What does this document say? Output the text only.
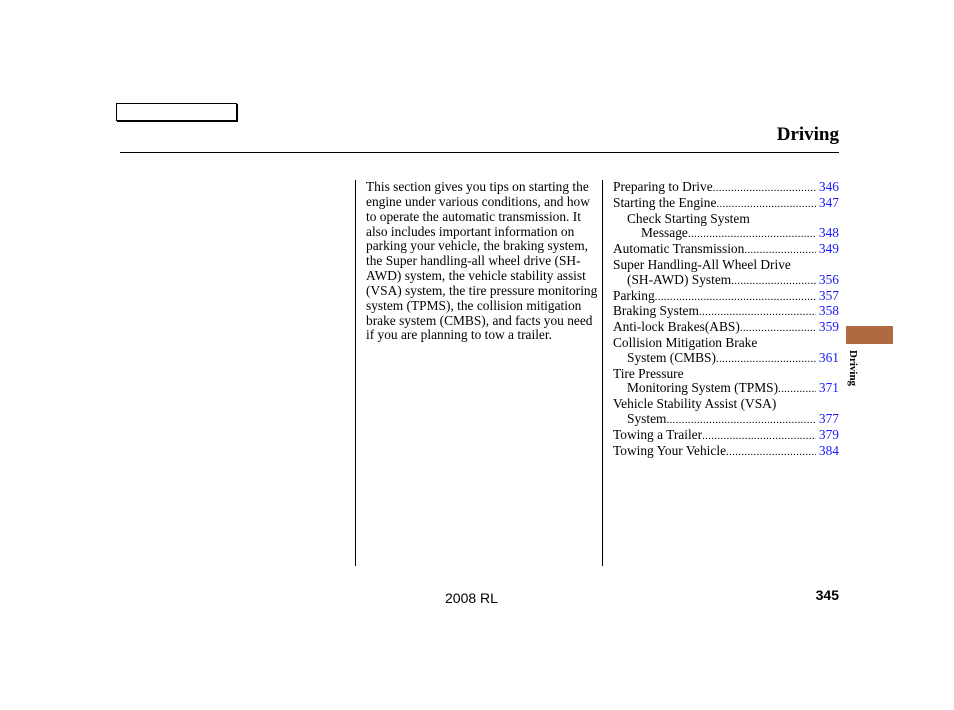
Driving
This section gives you tips on starting the engine under various conditions, and how to operate the automatic transmission. It also includes important information on parking your vehicle, the braking system, the Super handling-all wheel drive (SH-AWD) system, the vehicle stability assist (VSA) system, the tire pressure monitoring system (TPMS), the collision mitigation brake system (CMBS), and facts you need if you are planning to tow a trailer.
Preparing to Drive .....	346
Starting the Engine .....	347
Check Starting System
Message .....	348
Automatic Transmission .....	349
Super Handling-All Wheel Drive
(SH-AWD) System .....	356
Parking .....	357
Braking System .....	358
Anti-lock Brakes(ABS) .....	359
Collision Mitigation Brake
System (CMBS) .....	361
Tire Pressure
Monitoring System (TPMS) .....	371
Vehicle Stability Assist (VSA)
System .....	377
Towing a Trailer .....	379
Towing Your Vehicle .....	384
Driving
2008 RL	345
